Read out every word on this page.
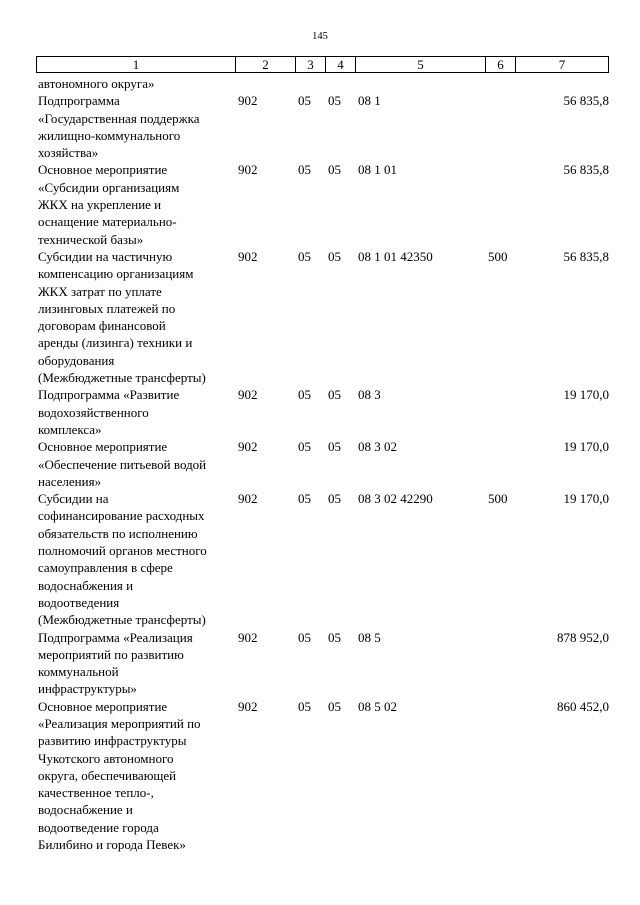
145
1	2	3	4	5	6	7
автономного округа»
Подпрограмма
«Государственная поддержка
жилищно-коммунального
хозяйства»
902	05 05 08 1	56 835,8
Основное мероприятие
«Субсидии организациям
ЖКХ на укрепление и
оснащение материально-
технической базы»
902	05 05 08 1 01	56 835,8
Субсидии на частичную
компенсацию организациям
ЖКХ затрат по уплате
лизинговых платежей по
договорам финансовой
аренды (лизинга) техники и
оборудования
(Межбюджетные трансферты)
902	05 05 08 1 01 42350	500	56 835,8
Подпрограмма «Развитие
водохозяйственного
комплекса»
902	05 05 08 3	19 170,0
Основное мероприятие
«Обеспечение питьевой водой
населения»
902	05 05 08 3 02	19 170,0
Субсидии на
софинансирование расходных
обязательств по исполнению
полномочий органов местного
самоуправления в сфере
водоснабжения и
водоотведения
(Межбюджетные трансферты)
902	05 05 08 3 02 42290	500	19 170,0
Подпрограмма «Реализация
мероприятий по развитию
коммунальной
инфраструктуры»
902	05 05 08 5	878 952,0
Основное мероприятие
«Реализация мероприятий по
развитию инфраструктуры
Чукотского автономного
округа, обеспечивающей
качественное тепло-,
водоснабжение и
водоотведение города
Билибино и города Певек»
902	05 05 08 5 02	860 452,0
